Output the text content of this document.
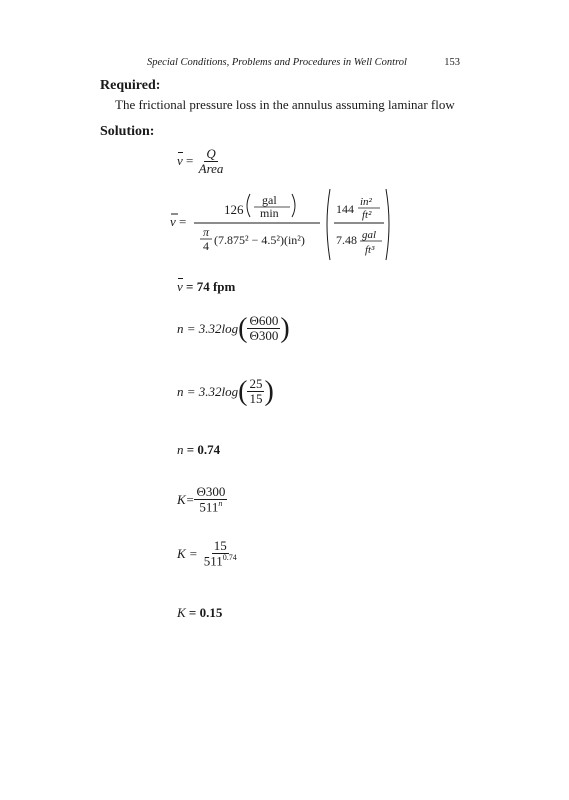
Special Conditions, Problems and Procedures in Well Control	153
Required:
The frictional pressure loss in the annulus assuming laminar flow
Solution:
$v = \frac{Q}{\text{Area}}$
v =
126
gal
min
π
4 (7.875² − 4.5²)(in²)
144 in²
ft²
7.48 gal
ft³
v = 74 fpm
n = 3.32log ( $\frac{\Theta 600}{\Theta 300}$ )
n = 3.32log ( $\frac{25}{15}$ )
n = 0.74
$K= \frac{\Theta 300}{511^n}$
$K = \frac{15}{511^{0.74}}$
K = 0.15
